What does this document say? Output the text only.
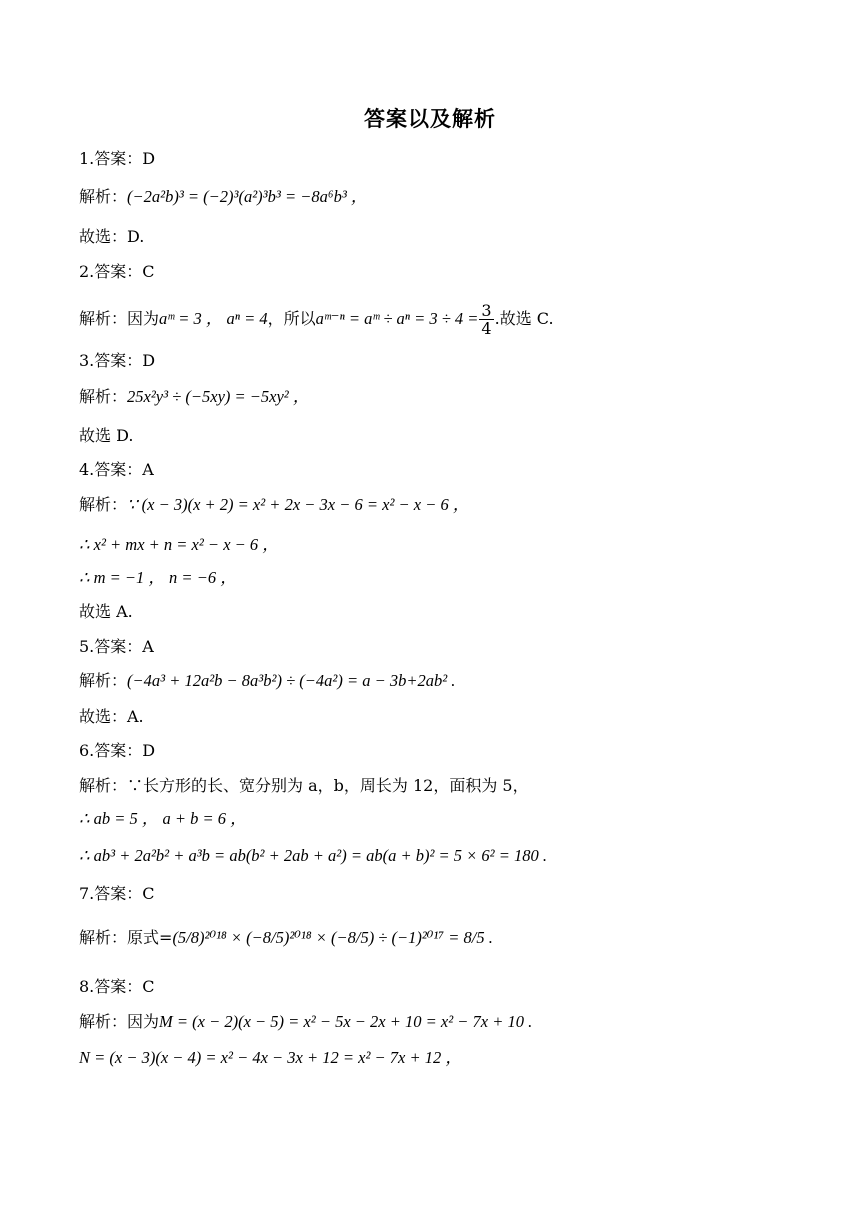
答案以及解析
1.答案：D
解析：(−2a²b)³ = (−2)³(a²)³b³ = −8a⁶b³ ，
故选：D.
2.答案：C
解析：因为aᵐ = 3 ， aⁿ = 4，所以aᵐ⁻ⁿ = aᵐ ÷ $a^n = 3 \div 4 = \frac{3}{4}$ .故选 C.
3.答案：D
解析：25x²y³ ÷ (−5xy) = −5xy² ，
故选 D.
4.答案：A
解析：∵ (x − 3)(x + 2) = x² + 2x − 3x − 6 = x² − x − 6 ，
∴ x² + mx + n = x² − x − 6 ，
∴ m = −1 ， n = −6 ，
故选 A.
5.答案：A
解析：(−4a³ + 12a²b − 8a³b²) ÷ (−4a²) = a − 3b+2ab² .
故选：A.
6.答案：D
解析：∵长方形的长、宽分别为 a，b，周长为 12，面积为 5，
∴ ab = 5 ， a + b = 6 ，
∴ ab³ + 2a²b² + a³b = ab(b² + 2ab + a²) = ab(a + b)² = 5 × 6² = 180 .
7.答案：C
解析：原式=(5/8)²⁰¹⁸ × (−8/5)²⁰¹⁸ × (−8/5) ÷ (−1)²⁰¹⁷ = 8/5 .
8.答案：C
解析：因为M = (x − 2)(x − 5) = x² − 5x − 2x + 10 = x² − 7x + 10 .
N = (x − 3)(x − 4) = x² − 4x − 3x + 12 = x² − 7x + 12 ，
